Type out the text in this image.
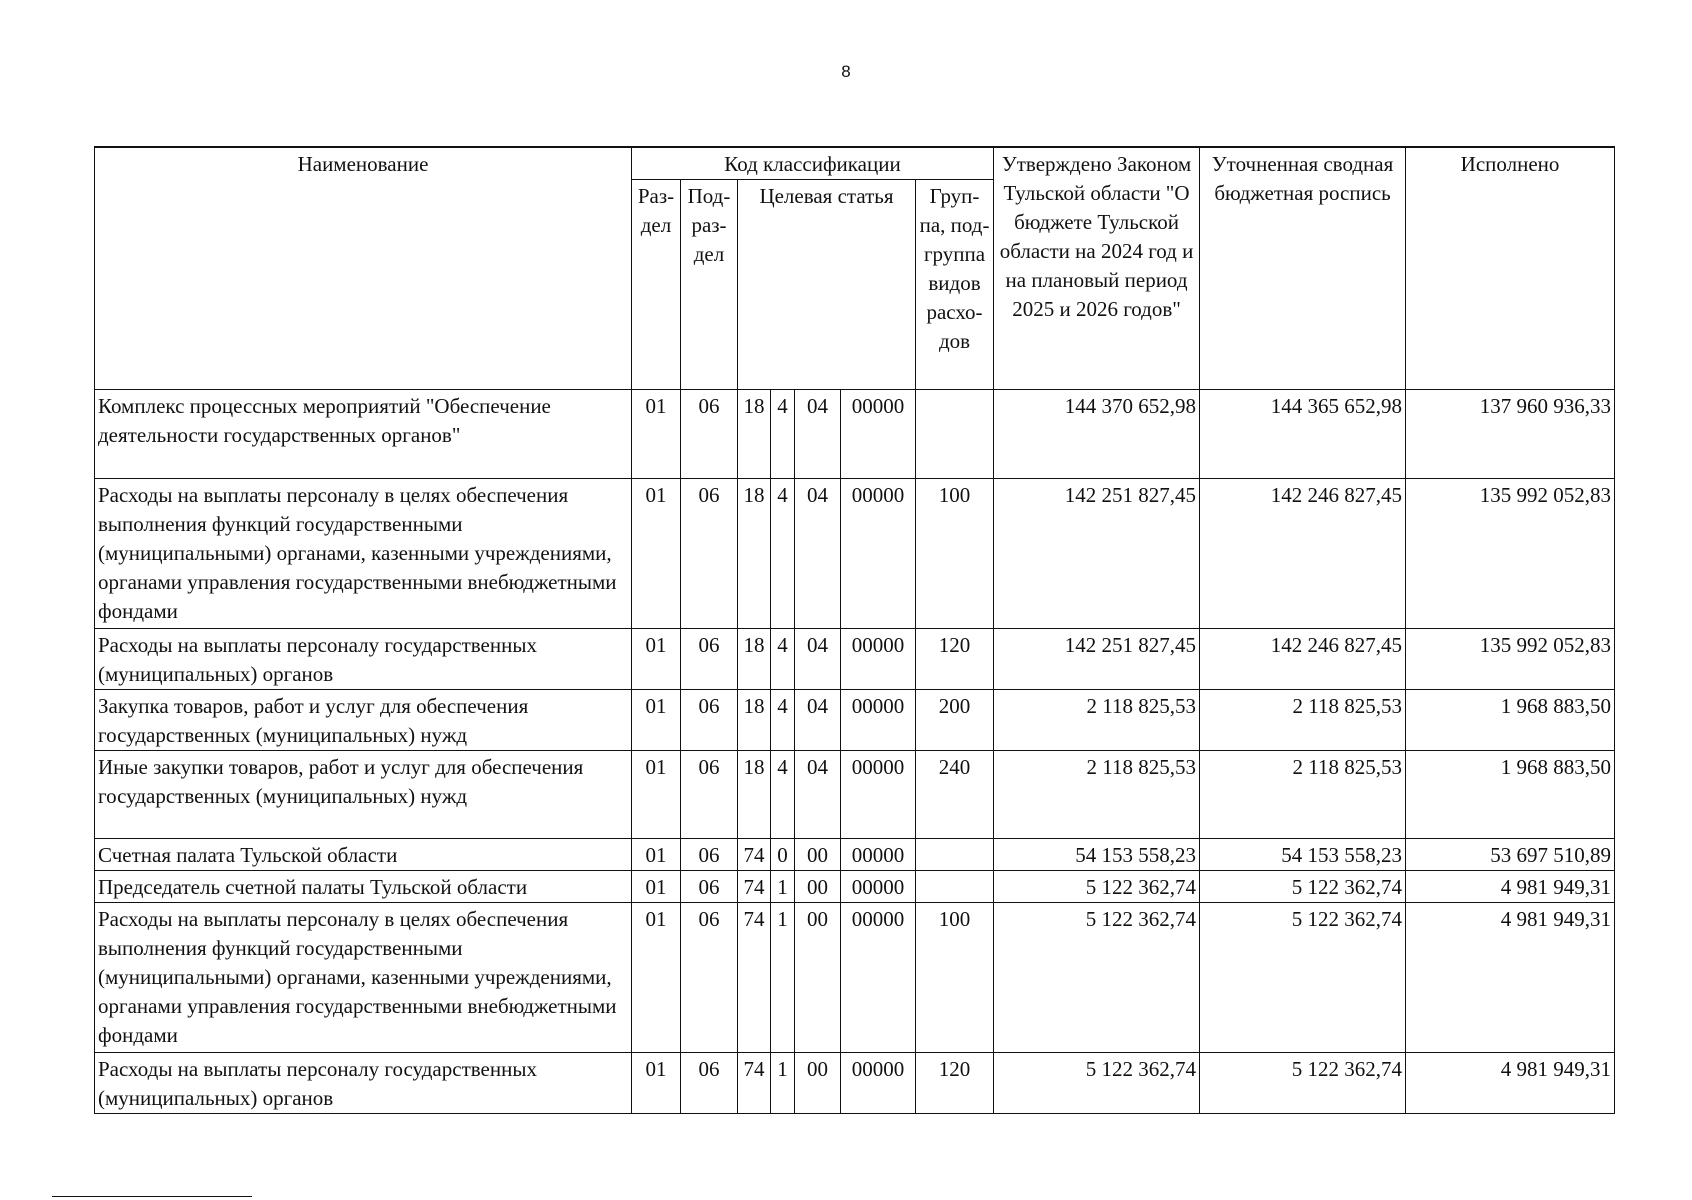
8
Наименование	Код классификации							Утверждено Законом Тульской области "О бюджете Тульской области на 2024 год и на плановый период 2025 и 2026 годов"	Уточненная сводная бюджетная роспись	Исполнено
	Раз-дел	Под-раз-дел	Целевая статья				Груп-па, под-группа видов расхо-дов			
Комплекс процессных мероприятий "Обеспечение деятельности государственных органов"	01	06	18	4	04	00000		144 370 652,98	144 365 652,98	137 960 936,33
Расходы на выплаты персоналу в целях обеспечения выполнения функций государственными (муниципальными) органами, казенными учреждениями, органами управления государственными внебюджетными фондами	01	06	18	4	04	00000	100	142 251 827,45	142 246 827,45	135 992 052,83
Расходы на выплаты персоналу государственных (муниципальных) органов	01	06	18	4	04	00000	120	142 251 827,45	142 246 827,45	135 992 052,83
Закупка товаров, работ и услуг для обеспечения государственных (муниципальных) нужд	01	06	18	4	04	00000	200	2 118 825,53	2 118 825,53	1 968 883,50
Иные закупки товаров, работ и услуг для обеспечения государственных (муниципальных) нужд	01	06	18	4	04	00000	240	2 118 825,53	2 118 825,53	1 968 883,50
Счетная палата Тульской области	01	06	74	0	00	00000		54 153 558,23	54 153 558,23	53 697 510,89
Председатель счетной палаты Тульской области	01	06	74	1	00	00000		5 122 362,74	5 122 362,74	4 981 949,31
Расходы на выплаты персоналу в целях обеспечения выполнения функций государственными (муниципальными) органами, казенными учреждениями, органами управления государственными внебюджетными фондами	01	06	74	1	00	00000	100	5 122 362,74	5 122 362,74	4 981 949,31
Расходы на выплаты персоналу государственных (муниципальных) органов	01	06	74	1	00	00000	120	5 122 362,74	5 122 362,74	4 981 949,31
